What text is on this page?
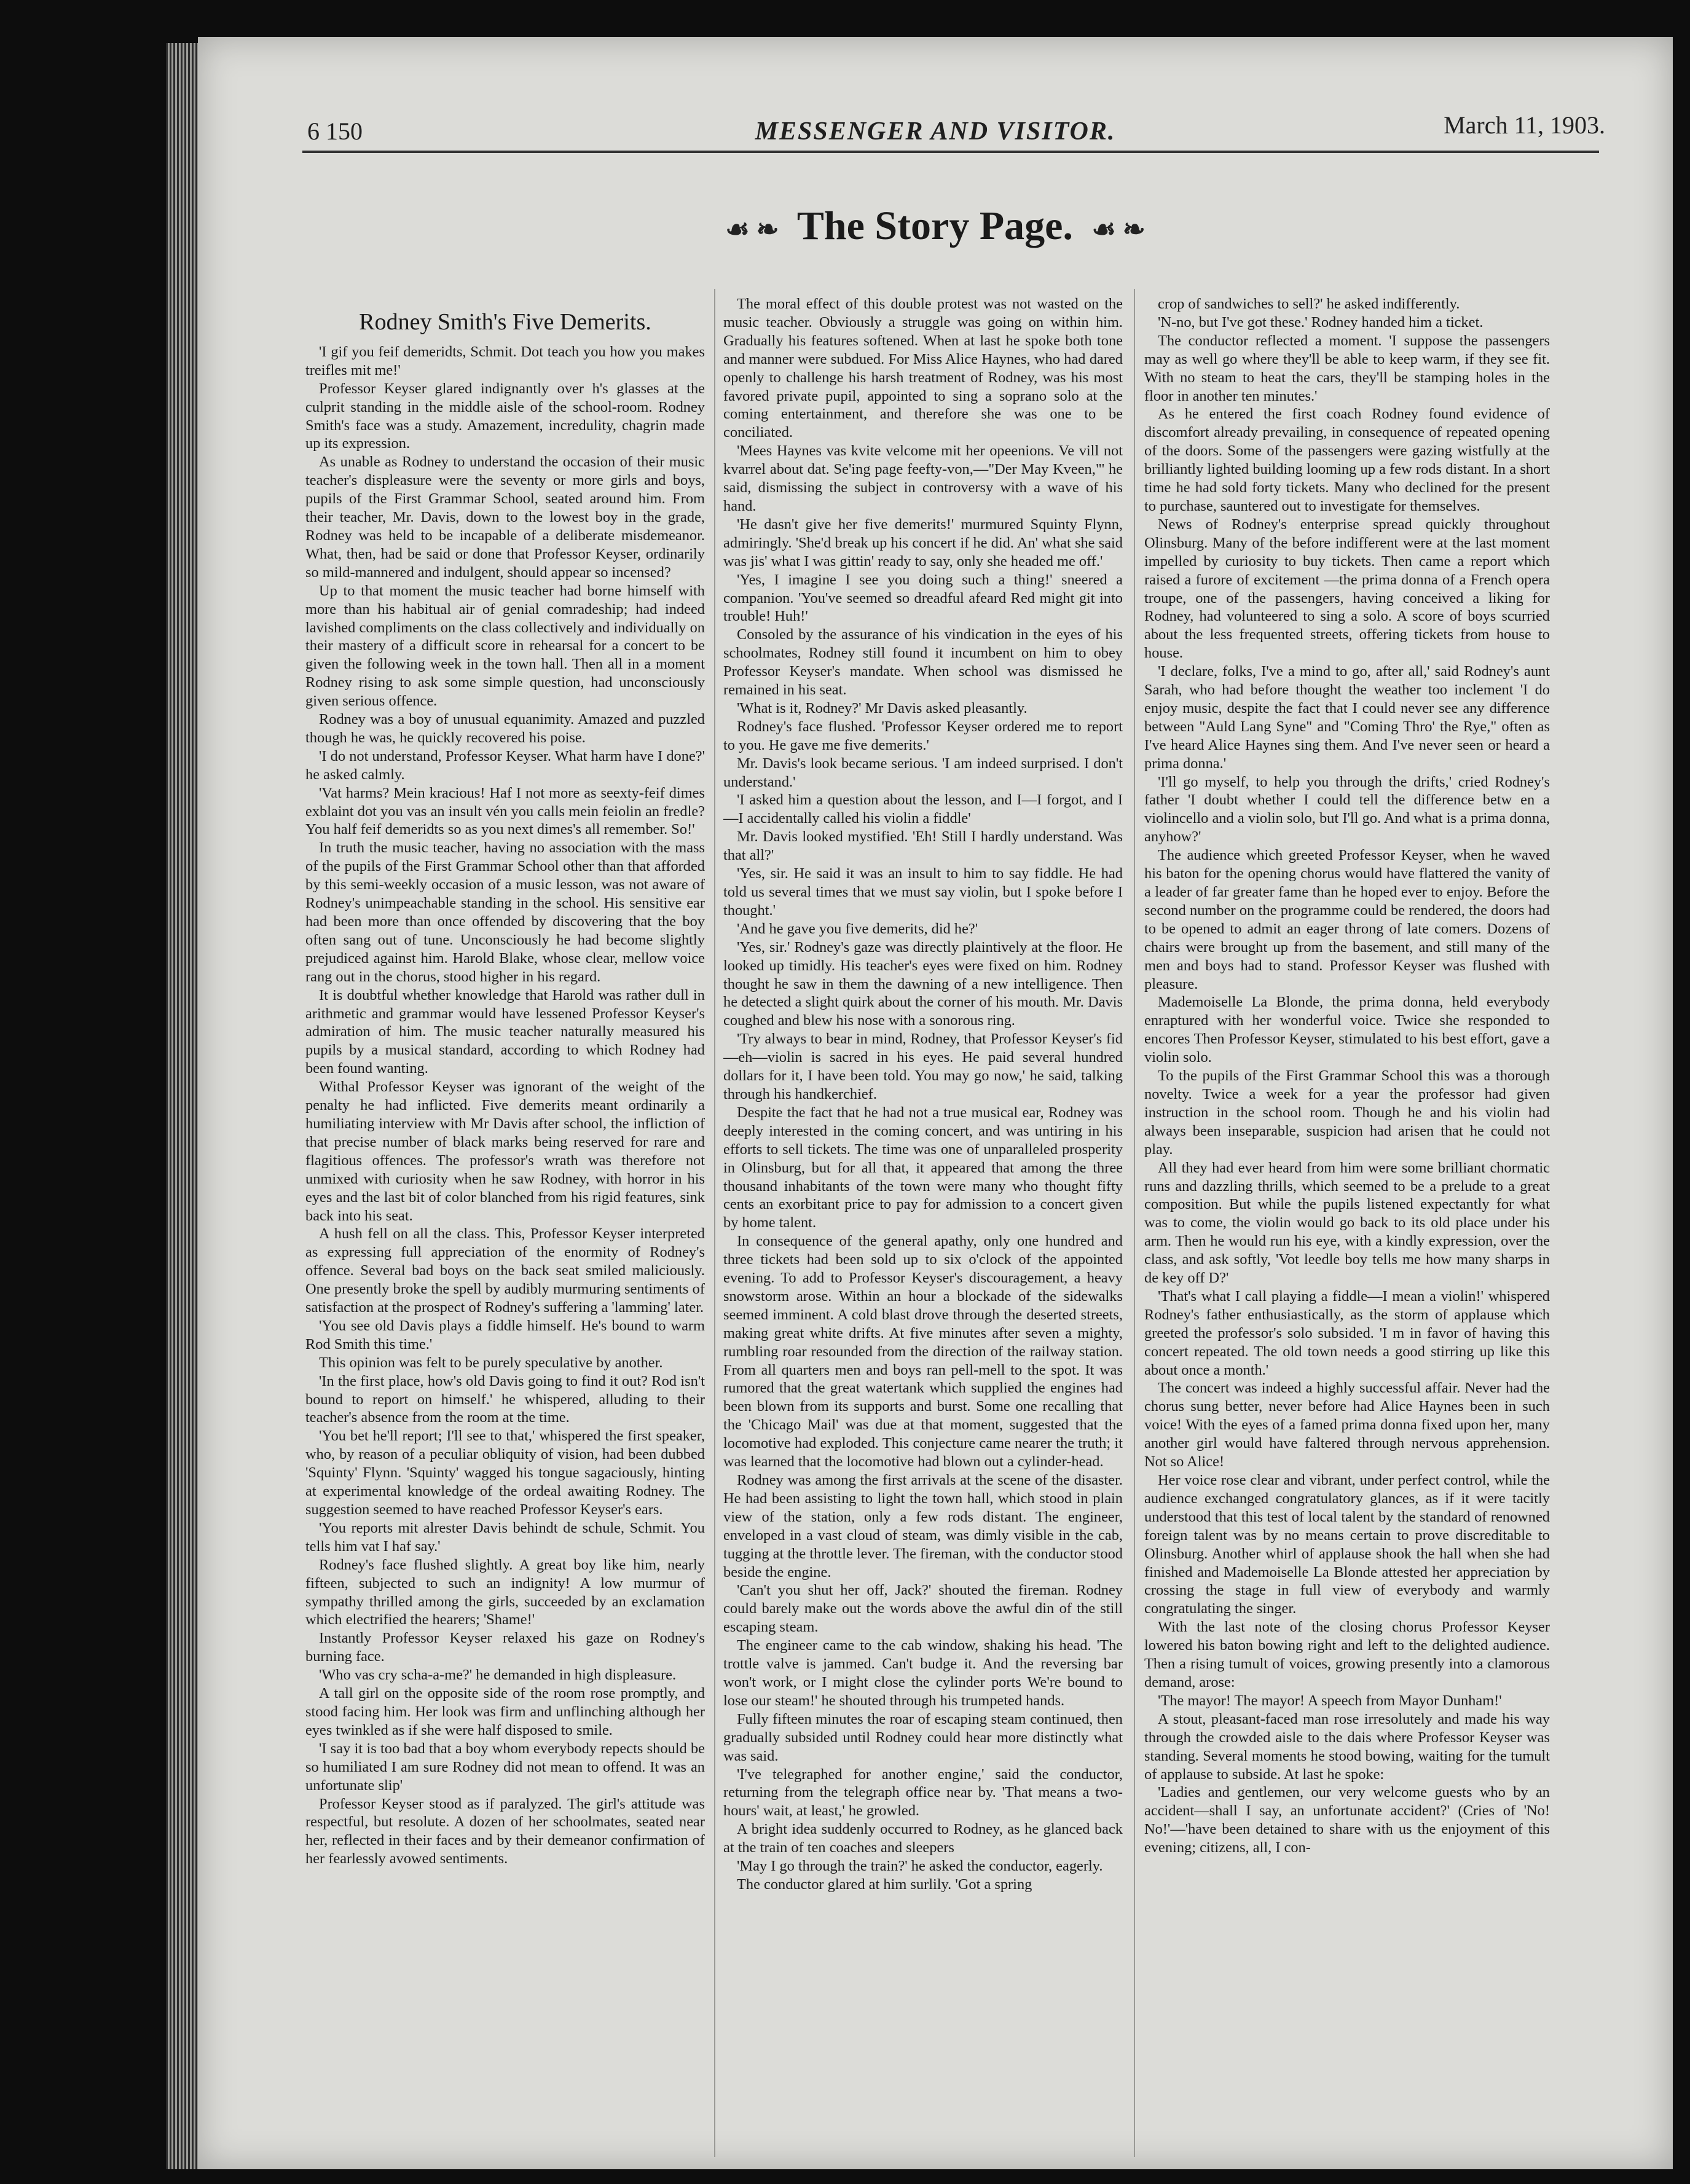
6 150	MESSENGER AND VISITOR.	March 11, 1903.
☙ ❧ The Story Page. ☙ ❧
Rodney Smith's Five Demerits.

'I gif you feif demeridts, Schmit. Dot teach you how you makes treifles mit me!'

Professor Keyser glared indignantly over h's glasses at the culprit standing in the middle aisle of the school-room. Rodney Smith's face was a study. Amazement, incredulity, chagrin made up its expression.

As unable as Rodney to understand the occasion of their music teacher's displeasure were the seventy or more girls and boys, pupils of the First Grammar School, seated around him. From their teacher, Mr. Davis, down to the lowest boy in the grade, Rodney was held to be incapable of a deliberate misdemeanor. What, then, had be said or done that Professor Keyser, ordinarily so mild-mannered and indulgent, should appear so incensed?

Up to that moment the music teacher had borne himself with more than his habitual air of genial comradeship; had indeed lavished compliments on the class collectively and individually on their mastery of a difficult score in rehearsal for a concert to be given the following week in the town hall. Then all in a moment Rodney rising to ask some simple question, had unconsciously given serious offence.

Rodney was a boy of unusual equanimity. Amazed and puzzled though he was, he quickly recovered his poise.

'I do not understand, Professor Keyser. What harm have I done?' he asked calmly.

'Vat harms? Mein kracious! Haf I not more as seexty-feif dimes exblaint dot you vas an insult vén you calls mein feiolin an fredle? You half feif demeridts so as you next dimes's all remember. So!'

In truth the music teacher, having no association with the mass of the pupils of the First Grammar School other than that afforded by this semi-weekly occasion of a music lesson, was not aware of Rodney's unimpeachable standing in the school. His sensitive ear had been more than once offended by discovering that the boy often sang out of tune. Unconsciously he had become slightly prejudiced against him. Harold Blake, whose clear, mellow voice rang out in the chorus, stood higher in his regard.

It is doubtful whether knowledge that Harold was rather dull in arithmetic and grammar would have lessened Professor Keyser's admiration of him. The music teacher naturally measured his pupils by a musical standard, according to which Rodney had been found wanting.

Withal Professor Keyser was ignorant of the weight of the penalty he had inflicted. Five demerits meant ordinarily a humiliating interview with Mr Davis after school, the infliction of that precise number of black marks being reserved for rare and flagitious offences. The professor's wrath was therefore not unmixed with curiosity when he saw Rodney, with horror in his eyes and the last bit of color blanched from his rigid features, sink back into his seat.

A hush fell on all the class. This, Professor Keyser interpreted as expressing full appreciation of the enormity of Rodney's offence. Several bad boys on the back seat smiled maliciously. One presently broke the spell by audibly murmuring sentiments of satisfaction at the prospect of Rodney's suffering a 'lamming' later.

'You see old Davis plays a fiddle himself. He's bound to warm Rod Smith this time.'

This opinion was felt to be purely speculative by another.

'In the first place, how's old Davis going to find it out? Rod isn't bound to report on himself.' he whispered, alluding to their teacher's absence from the room at the time.

'You bet he'll report; I'll see to that,' whispered the first speaker, who, by reason of a peculiar obliquity of vision, had been dubbed 'Squinty' Flynn. 'Squinty' wagged his tongue sagaciously, hinting at experimental knowledge of the ordeal awaiting Rodney. The suggestion seemed to have reached Professor Keyser's ears.

'You reports mit alrester Davis behindt de schule, Schmit. You tells him vat I haf say.'

Rodney's face flushed slightly. A great boy like him, nearly fifteen, subjected to such an indignity! A low murmur of sympathy thrilled among the girls, succeeded by an exclamation which electrified the hearers; 'Shame!'

Instantly Professor Keyser relaxed his gaze on Rodney's burning face.

'Who vas cry scha-a-me?' he demanded in high displeasure.

A tall girl on the opposite side of the room rose promptly, and stood facing him. Her look was firm and unflinching although her eyes twinkled as if she were half disposed to smile.

'I say it is too bad that a boy whom everybody repects should be so humiliated I am sure Rodney did not mean to offend. It was an unfortunate slip'

Professor Keyser stood as if paralyzed. The girl's attitude was respectful, but resolute. A dozen of her schoolmates, seated near her, reflected in their faces and by their demeanor confirmation of her fearlessly avowed sentiments.

The moral effect of this double protest was not wasted on the music teacher. Obviously a struggle was going on within him. Gradually his features softened. When at last he spoke both tone and manner were subdued. For Miss Alice Haynes, who had dared openly to challenge his harsh treatment of Rodney, was his most favored private pupil, appointed to sing a soprano solo at the coming entertainment, and therefore she was one to be conciliated.

'Mees Haynes vas kvite velcome mit her opeenions. Ve vill not kvarrel about dat. Se'ing page feefty-von,—"Der May Kveen,"' he said, dismissing the subject in controversy with a wave of his hand.

'He dasn't give her five demerits!' murmured Squinty Flynn, admiringly. 'She'd break up his concert if he did. An' what she said was jis' what I was gittin' ready to say, only she headed me off.'

'Yes, I imagine I see you doing such a thing!' sneered a companion. 'You've seemed so dreadful afeard Red might git into trouble! Huh!'

Consoled by the assurance of his vindication in the eyes of his schoolmates, Rodney still found it incumbent on him to obey Professor Keyser's mandate. When school was dismissed he remained in his seat.

'What is it, Rodney?' Mr Davis asked pleasantly.

Rodney's face flushed. 'Professor Keyser ordered me to report to you. He gave me five demerits.'

Mr. Davis's look became serious. 'I am indeed surprised. I don't understand.'

'I asked him a question about the lesson, and I—I forgot, and I—I accidentally called his violin a fiddle'

Mr. Davis looked mystified. 'Eh! Still I hardly understand. Was that all?'

'Yes, sir. He said it was an insult to him to say fiddle. He had told us several times that we must say violin, but I spoke before I thought.'

'And he gave you five demerits, did he?'

'Yes, sir.' Rodney's gaze was directly plaintively at the floor. He looked up timidly. His teacher's eyes were fixed on him. Rodney thought he saw in them the dawning of a new intelligence. Then he detected a slight quirk about the corner of his mouth. Mr. Davis coughed and blew his nose with a sonorous ring.

'Try always to bear in mind, Rodney, that Professor Keyser's fid—eh—violin is sacred in his eyes. He paid several hundred dollars for it, I have been told. You may go now,' he said, talking through his handkerchief.

Despite the fact that he had not a true musical ear, Rodney was deeply interested in the coming concert, and was untiring in his efforts to sell tickets. The time was one of unparalleled prosperity in Olinsburg, but for all that, it appeared that among the three thousand inhabitants of the town were many who thought fifty cents an exorbitant price to pay for admission to a concert given by home talent.

In consequence of the general apathy, only one hundred and three tickets had been sold up to six o'clock of the appointed evening. To add to Professor Keyser's discouragement, a heavy snowstorm arose. Within an hour a blockade of the sidewalks seemed imminent. A cold blast drove through the deserted streets, making great white drifts. At five minutes after seven a mighty, rumbling roar resounded from the direction of the railway station. From all quarters men and boys ran pell-mell to the spot. It was rumored that the great watertank which supplied the engines had been blown from its supports and burst. Some one recalling that the 'Chicago Mail' was due at that moment, suggested that the locomotive had exploded. This conjecture came nearer the truth; it was learned that the locomotive had blown out a cylinder-head.

Rodney was among the first arrivals at the scene of the disaster. He had been assisting to light the town hall, which stood in plain view of the station, only a few rods distant. The engineer, enveloped in a vast cloud of steam, was dimly visible in the cab, tugging at the throttle lever. The fireman, with the conductor stood beside the engine.

'Can't you shut her off, Jack?' shouted the fireman. Rodney could barely make out the words above the awful din of the still escaping steam.

The engineer came to the cab window, shaking his head. 'The trottle valve is jammed. Can't budge it. And the reversing bar won't work, or I might close the cylinder ports We're bound to lose our steam!' he shouted through his trumpeted hands.

Fully fifteen minutes the roar of escaping steam continued, then gradually subsided until Rodney could hear more distinctly what was said.

'I've telegraphed for another engine,' said the conductor, returning from the telegraph office near by. 'That means a two-hours' wait, at least,' he growled.

A bright idea suddenly occurred to Rodney, as he glanced back at the train of ten coaches and sleepers

'May I go through the train?' he asked the conductor, eagerly.

The conductor glared at him surlily. 'Got a spring

crop of sandwiches to sell?' he asked indifferently.

'N-no, but I've got these.' Rodney handed him a ticket.

The conductor reflected a moment. 'I suppose the passengers may as well go where they'll be able to keep warm, if they see fit. With no steam to heat the cars, they'll be stamping holes in the floor in another ten minutes.'

As he entered the first coach Rodney found evidence of discomfort already prevailing, in consequence of repeated opening of the doors. Some of the passengers were gazing wistfully at the brilliantly lighted building looming up a few rods distant. In a short time he had sold forty tickets. Many who declined for the present to purchase, sauntered out to investigate for themselves.

News of Rodney's enterprise spread quickly throughout Olinsburg. Many of the before indifferent were at the last moment impelled by curiosity to buy tickets. Then came a report which raised a furore of excitement —the prima donna of a French opera troupe, one of the passengers, having conceived a liking for Rodney, had volunteered to sing a solo. A score of boys scurried about the less frequented streets, offering tickets from house to house.

'I declare, folks, I've a mind to go, after all,' said Rodney's aunt Sarah, who had before thought the weather too inclement 'I do enjoy music, despite the fact that I could never see any difference between "Auld Lang Syne" and "Coming Thro' the Rye," often as I've heard Alice Haynes sing them. And I've never seen or heard a prima donna.'

'I'll go myself, to help you through the drifts,' cried Rodney's father 'I doubt whether I could tell the difference betw en a violincello and a violin solo, but I'll go. And what is a prima donna, anyhow?'

The audience which greeted Professor Keyser, when he waved his baton for the opening chorus would have flattered the vanity of a leader of far greater fame than he hoped ever to enjoy. Before the second number on the programme could be rendered, the doors had to be opened to admit an eager throng of late comers. Dozens of chairs were brought up from the basement, and still many of the men and boys had to stand. Professor Keyser was flushed with pleasure.

Mademoiselle La Blonde, the prima donna, held everybody enraptured with her wonderful voice. Twice she responded to encores Then Professor Keyser, stimulated to his best effort, gave a violin solo.

To the pupils of the First Grammar School this was a thorough novelty. Twice a week for a year the professor had given instruction in the school room. Though he and his violin had always been inseparable, suspicion had arisen that he could not play.

All they had ever heard from him were some brilliant chormatic runs and dazzling thrills, which seemed to be a prelude to a great composition. But while the pupils listened expectantly for what was to come, the violin would go back to its old place under his arm. Then he would run his eye, with a kindly expression, over the class, and ask softly, 'Vot leedle boy tells me how many sharps in de key off D?'

'That's what I call playing a fiddle—I mean a violin!' whispered Rodney's father enthusiastically, as the storm of applause which greeted the professor's solo subsided. 'I m in favor of having this concert repeated. The old town needs a good stirring up like this about once a month.'

The concert was indeed a highly successful affair. Never had the chorus sung better, never before had Alice Haynes been in such voice! With the eyes of a famed prima donna fixed upon her, many another girl would have faltered through nervous apprehension. Not so Alice!

Her voice rose clear and vibrant, under perfect control, while the audience exchanged congratulatory glances, as if it were tacitly understood that this test of local talent by the standard of renowned foreign talent was by no means certain to prove discreditable to Olinsburg. Another whirl of applause shook the hall when she had finished and Mademoiselle La Blonde attested her appreciation by crossing the stage in full view of everybody and warmly congratulating the singer.

With the last note of the closing chorus Professor Keyser lowered his baton bowing right and left to the delighted audience. Then a rising tumult of voices, growing presently into a clamorous demand, arose:

'The mayor! The mayor! A speech from Mayor Dunham!'

A stout, pleasant-faced man rose irresolutely and made his way through the crowded aisle to the dais where Professor Keyser was standing. Several moments he stood bowing, waiting for the tumult of applause to subside. At last he spoke:

'Ladies and gentlemen, our very welcome guests who by an accident—shall I say, an unfortunate accident?' (Cries of 'No! No!'—'have been detained to share with us the enjoyment of this evening; citizens, all, I con-
